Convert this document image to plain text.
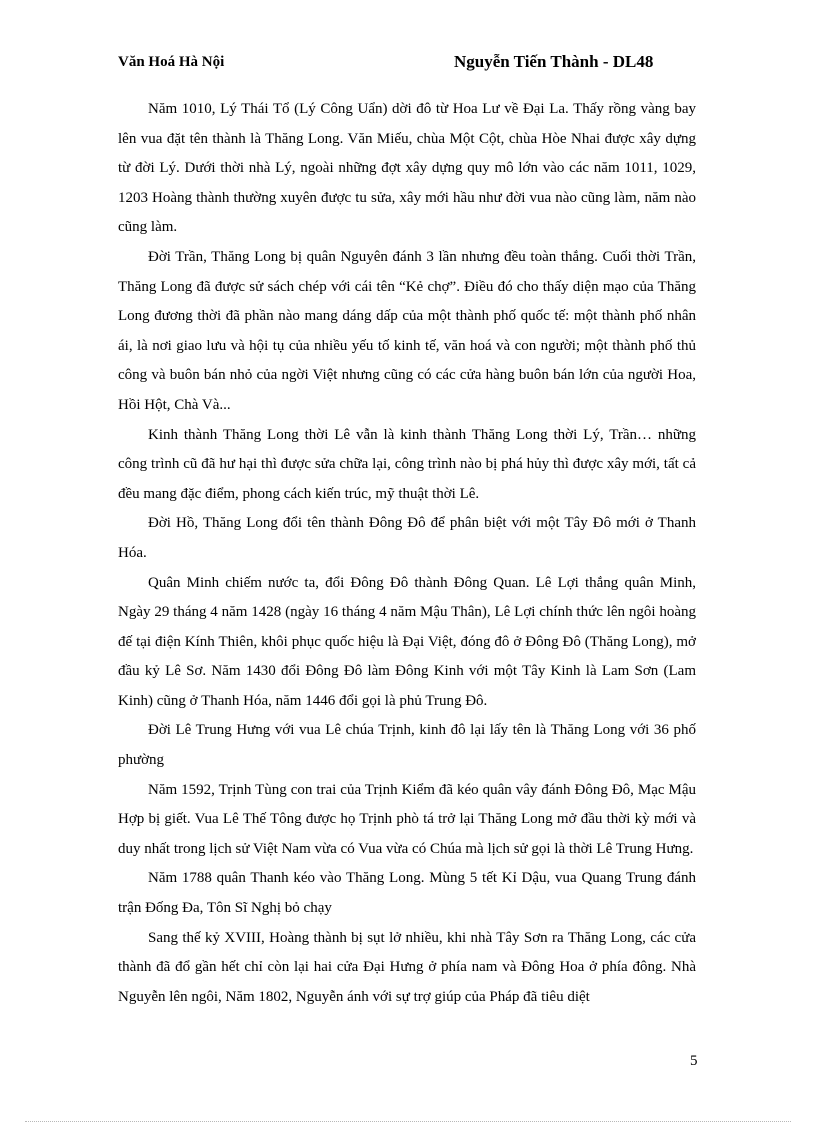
Văn Hoá Hà Nội	Nguyễn Tiến Thành - DL48

Năm 1010, Lý Thái Tổ (Lý Công Uẩn) dời đô từ Hoa Lư về Đại La. Thấy rồng vàng bay lên vua đặt tên thành là Thăng Long. Văn Miếu, chùa Một Cột, chùa Hòe Nhai được xây dựng từ đời Lý. Dưới thời nhà Lý, ngoài những đợt xây dựng quy mô lớn vào các năm 1011, 1029, 1203 Hoàng thành thường xuyên được tu sửa, xây mới hầu như đời vua nào cũng làm, năm nào cũng làm.

Đời Trần, Thăng Long bị quân Nguyên đánh 3 lần nhưng đều toàn thắng. Cuối thời Trần, Thăng Long đã được sử sách chép với cái tên “Kẻ chợ”. Điều đó cho thấy diện mạo của Thăng Long đương thời đã phần nào mang dáng dấp của một thành phố quốc tế: một thành phố nhân ái, là nơi giao lưu và hội tụ của nhiều yếu tố kinh tế, văn hoá và con người; một thành phố thủ công và buôn bán nhỏ của ngời Việt nhưng cũng có các cửa hàng buôn bán lớn của người Hoa, Hồi Hột, Chà Và...

Kinh thành Thăng Long thời Lê vẫn là kinh thành Thăng Long thời Lý, Trần… những công trình cũ đã hư hại thì được sửa chữa lại, công trình nào bị phá hủy thì được xây mới, tất cả đều mang đặc điểm, phong cách kiến trúc, mỹ thuật thời Lê.

Đời Hồ, Thăng Long đổi tên thành Đông Đô để phân biệt với một Tây Đô mới ở Thanh Hóa.

Quân Minh chiếm nước ta, đổi Đông Đô thành Đông Quan. Lê Lợi thắng quân Minh, Ngày 29 tháng 4 năm 1428 (ngày 16 tháng 4 năm Mậu Thân), Lê Lợi chính thức lên ngôi hoàng đế tại điện Kính Thiên, khôi phục quốc hiệu là Đại Việt, đóng đô ở Đông Đô (Thăng Long), mở đầu kỷ Lê Sơ. Năm 1430 đổi Đông Đô làm Đông Kinh với một Tây Kinh là Lam Sơn (Lam Kinh) cũng ở Thanh Hóa, năm 1446 đổi gọi là phủ Trung Đô.

Đời Lê Trung Hưng với vua Lê chúa Trịnh, kinh đô lại lấy tên là Thăng Long với 36 phố phường

Năm 1592, Trịnh Tùng con trai của Trịnh Kiểm đã kéo quân vây đánh Đông Đô, Mạc Mậu Hợp bị giết. Vua Lê Thế Tông được họ Trịnh phò tá trở lại Thăng Long mở đầu thời kỳ mới và duy nhất trong lịch sử Việt Nam vừa có Vua vừa có Chúa mà lịch sử gọi là thời Lê Trung Hưng.

Năm 1788 quân Thanh kéo vào Thăng Long. Mùng 5 tết Kỉ Dậu, vua Quang Trung đánh trận Đống Đa, Tôn Sĩ Nghị bỏ chạy

Sang thế kỷ XVIII, Hoàng thành bị sụt lở nhiều, khi nhà Tây Sơn ra Thăng Long, các cửa thành đã đổ gần hết chỉ còn lại hai cửa Đại Hưng ở phía nam và Đông Hoa ở phía đông. Nhà Nguyễn lên ngôi, Năm 1802, Nguyễn ánh với sự trợ giúp của Pháp đã tiêu diệt

5
